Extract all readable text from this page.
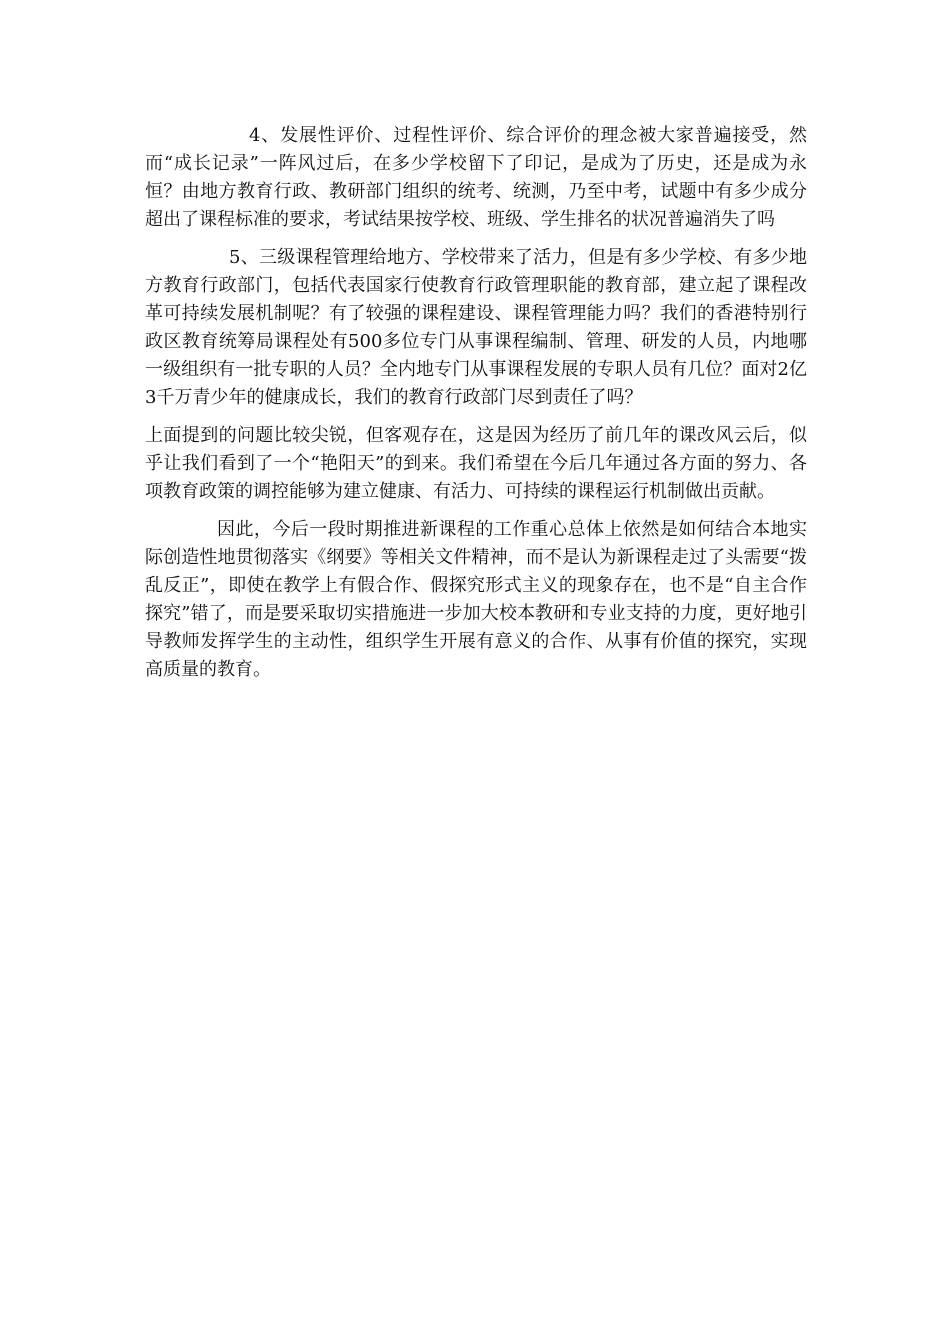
4、发展性评价、过程性评价、综合评价的理念被大家普遍接受，然而“成长记录”一阵风过后，在多少学校留下了印记，是成为了历史，还是成为永恒？由地方教育行政、教研部门组织的统考、统测，乃至中考，试题中有多少成分超出了课程标准的要求，考试结果按学校、班级、学生排名的状况普遍消失了吗

5、三级课程管理给地方、学校带来了活力，但是有多少学校、有多少地方教育行政部门，包括代表国家行使教育行政管理职能的教育部，建立起了课程改革可持续发展机制呢？有了较强的课程建设、课程管理能力吗？我们的香港特别行政区教育统筹局课程处有500多位专门从事课程编制、管理、研发的人员，内地哪一级组织有一批专职的人员？全内地专门从事课程发展的专职人员有几位？面对2亿3千万青少年的健康成长，我们的教育行政部门尽到责任了吗？

上面提到的问题比较尖锐，但客观存在，这是因为经历了前几年的课改风云后，似乎让我们看到了一个“艳阳天”的到来。我们希望在今后几年通过各方面的努力、各项教育政策的调控能够为建立健康、有活力、可持续的课程运行机制做出贡献。

因此，今后一段时期推进新课程的工作重心总体上依然是如何结合本地实际创造性地贯彻落实《纲要》等相关文件精神，而不是认为新课程走过了头需要“拨乱反正”，即使在教学上有假合作、假探究形式主义的现象存在，也不是“自主合作探究”错了，而是要采取切实措施进一步加大校本教研和专业支持的力度，更好地引导教师发挥学生的主动性，组织学生开展有意义的合作、从事有价值的探究，实现高质量的教育。
